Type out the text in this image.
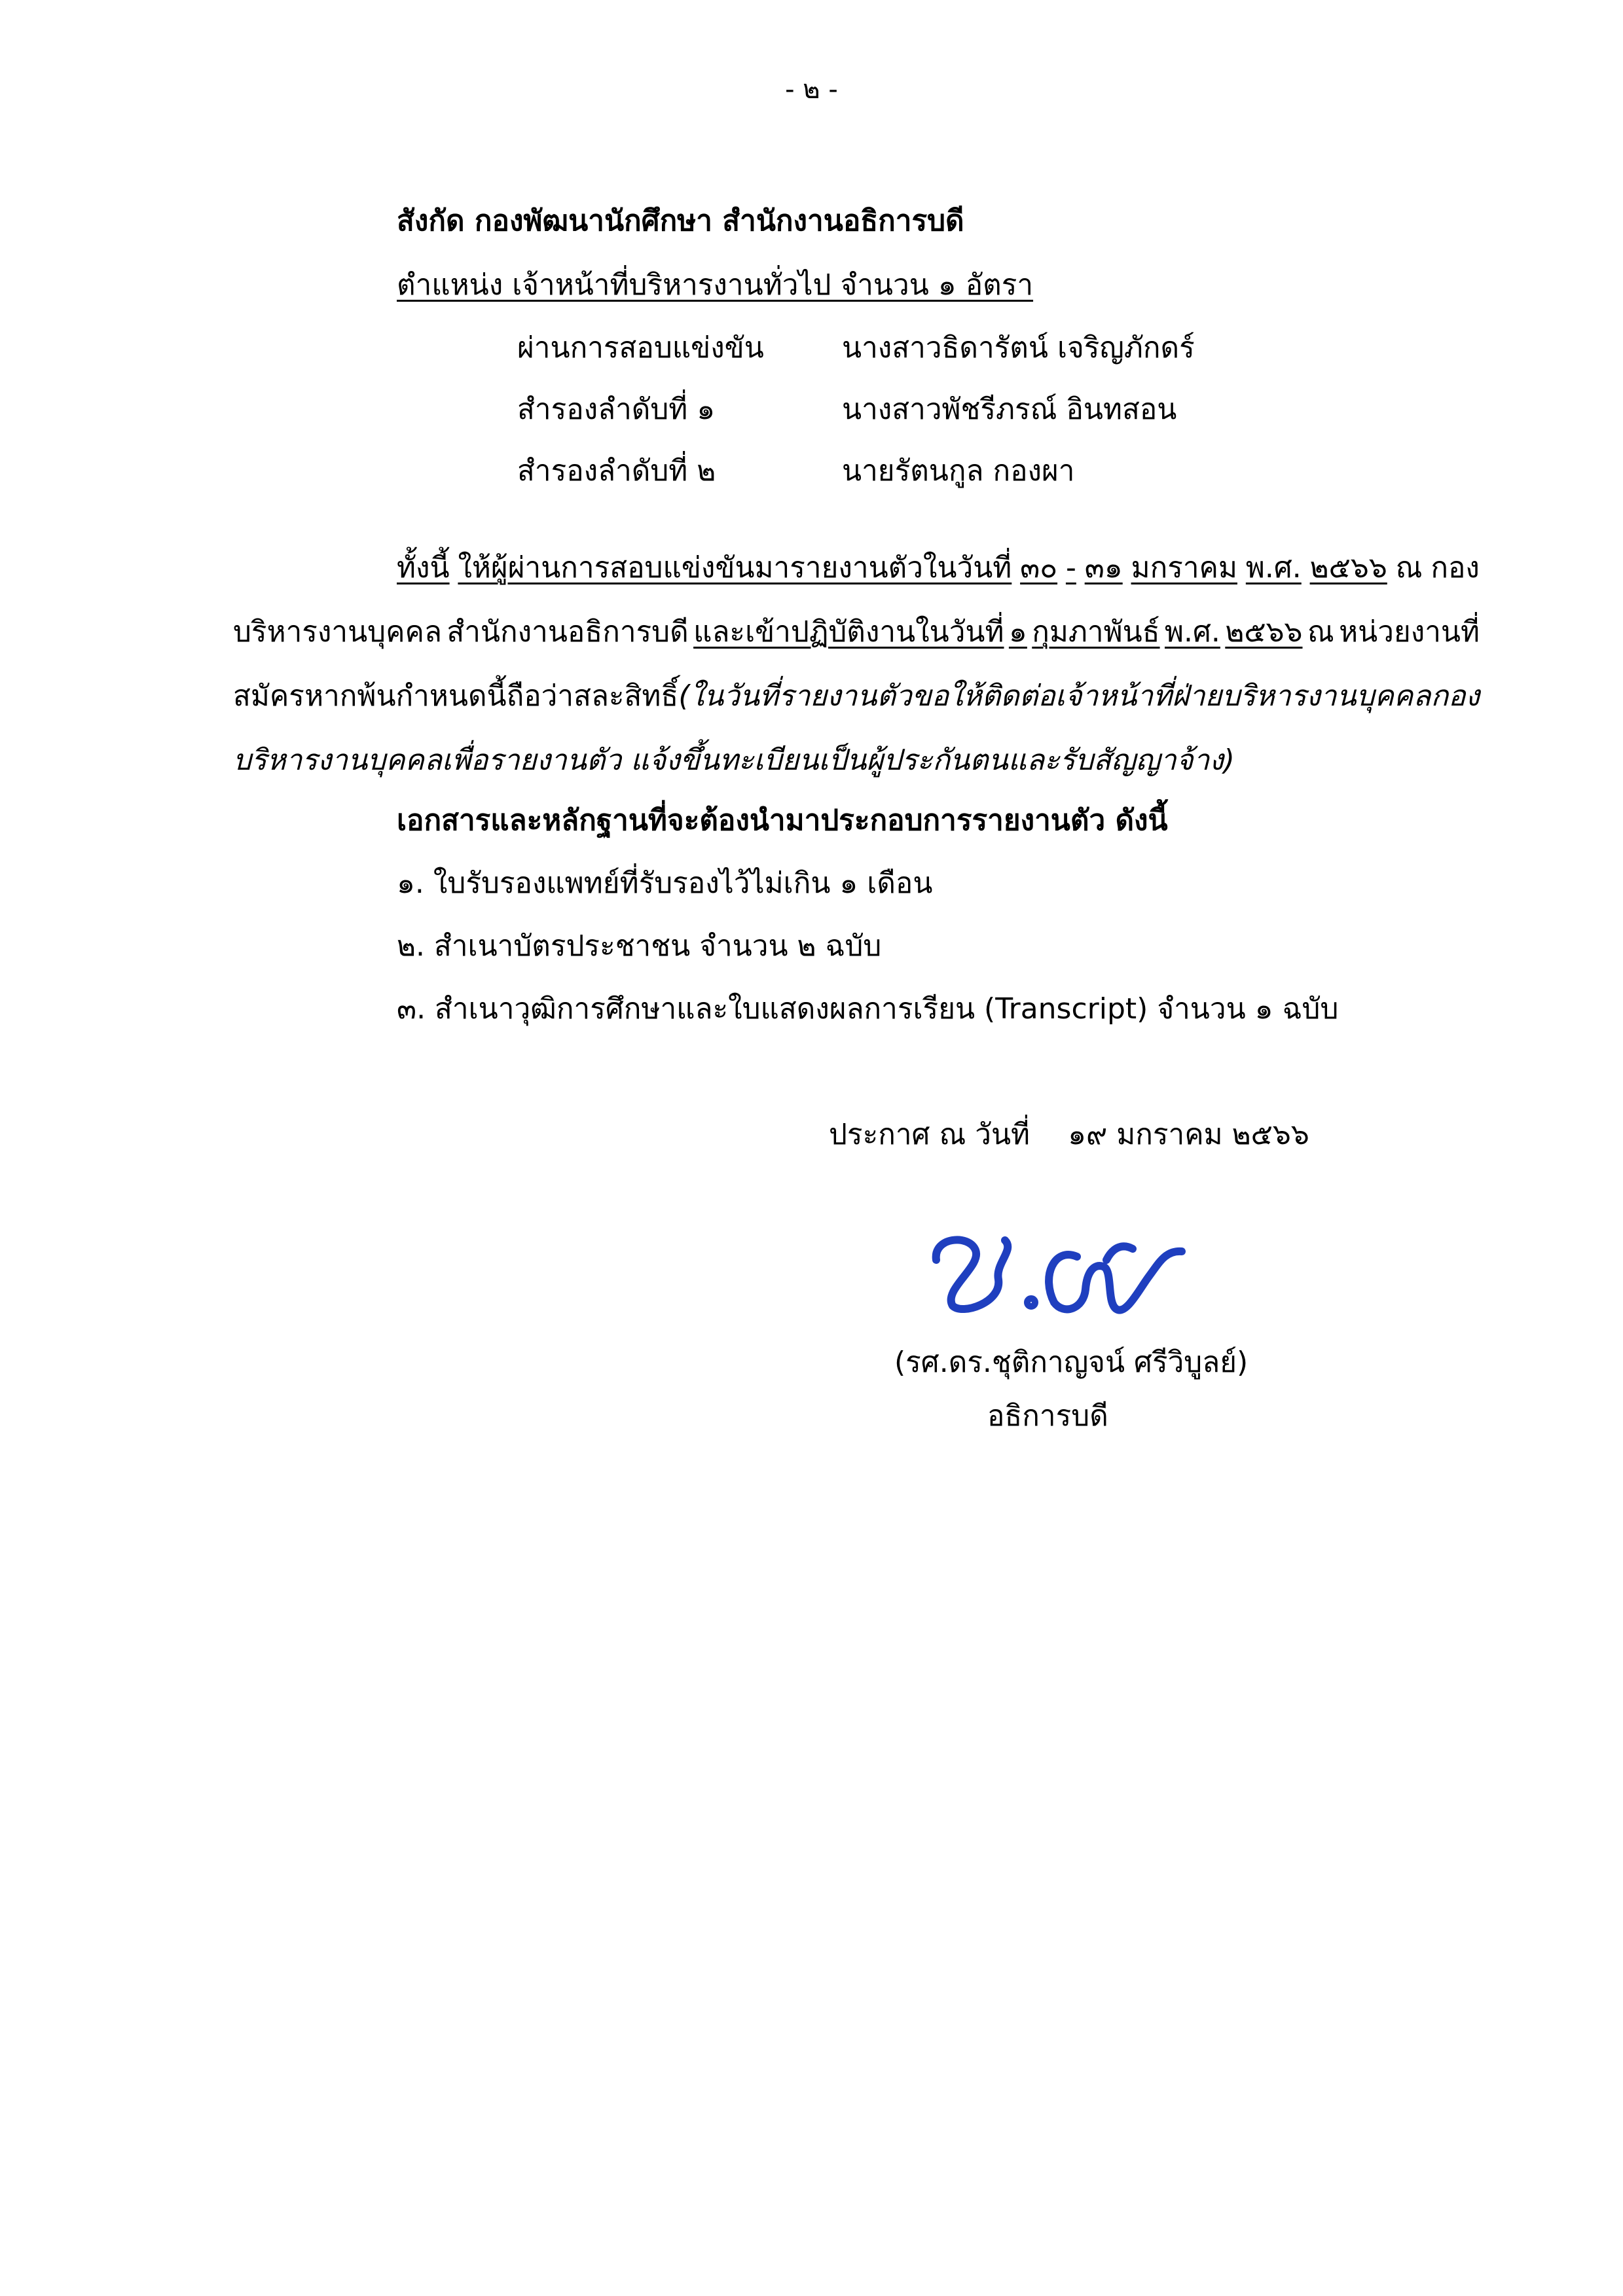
- ๒ -
สังกัด กองพัฒนานักศึกษา สำนักงานอธิการบดี
ตำแหน่ง เจ้าหน้าที่บริหารงานทั่วไป จำนวน ๑ อัตรา
ผ่านการสอบแข่งขัน	นางสาวธิดารัตน์ เจริญภักดร์
สำรองลำดับที่ ๑	นางสาวพัชรีภรณ์ อินทสอน
สำรองลำดับที่ ๒	นายรัตนกูล กองผา
ทั้งนี้ ให้ผู้ผ่านการสอบแข่งขันมารายงานตัวในวันที่ ๓๐ - ๓๑ มกราคม พ.ศ. ๒๕๖๖ ณ กอง
บริหารงานบุคคล สำนักงานอธิการบดี และเข้าปฏิบัติงานในวันที่ ๑ กุมภาพันธ์ พ.ศ. ๒๕๖๖ ณ หน่วยงานที่
สมัคร หากพ้นกำหนดนี้ถือว่าสละสิทธิ์ (ในวันที่รายงานตัวขอให้ติดต่อเจ้าหน้าที่ฝ่ายบริหารงานบุคคล กอง
บริหารงานบุคคลเพื่อรายงานตัว แจ้งขึ้นทะเบียนเป็นผู้ประกันตนและรับสัญญาจ้าง)
เอกสารและหลักฐานที่จะต้องนำมาประกอบการรายงานตัว ดังนี้
๑. ใบรับรองแพทย์ที่รับรองไว้ไม่เกิน ๑ เดือน
๒. สำเนาบัตรประชาชน จำนวน ๒ ฉบับ
๓. สำเนาวุฒิการศึกษาและใบแสดงผลการเรียน (Transcript) จำนวน ๑ ฉบับ
ประกาศ ณ วันที่ ๑๙ มกราคม ๒๕๖๖
(รศ.ดร.ชุติกาญจน์ ศรีวิบูลย์)
อธิการบดี
